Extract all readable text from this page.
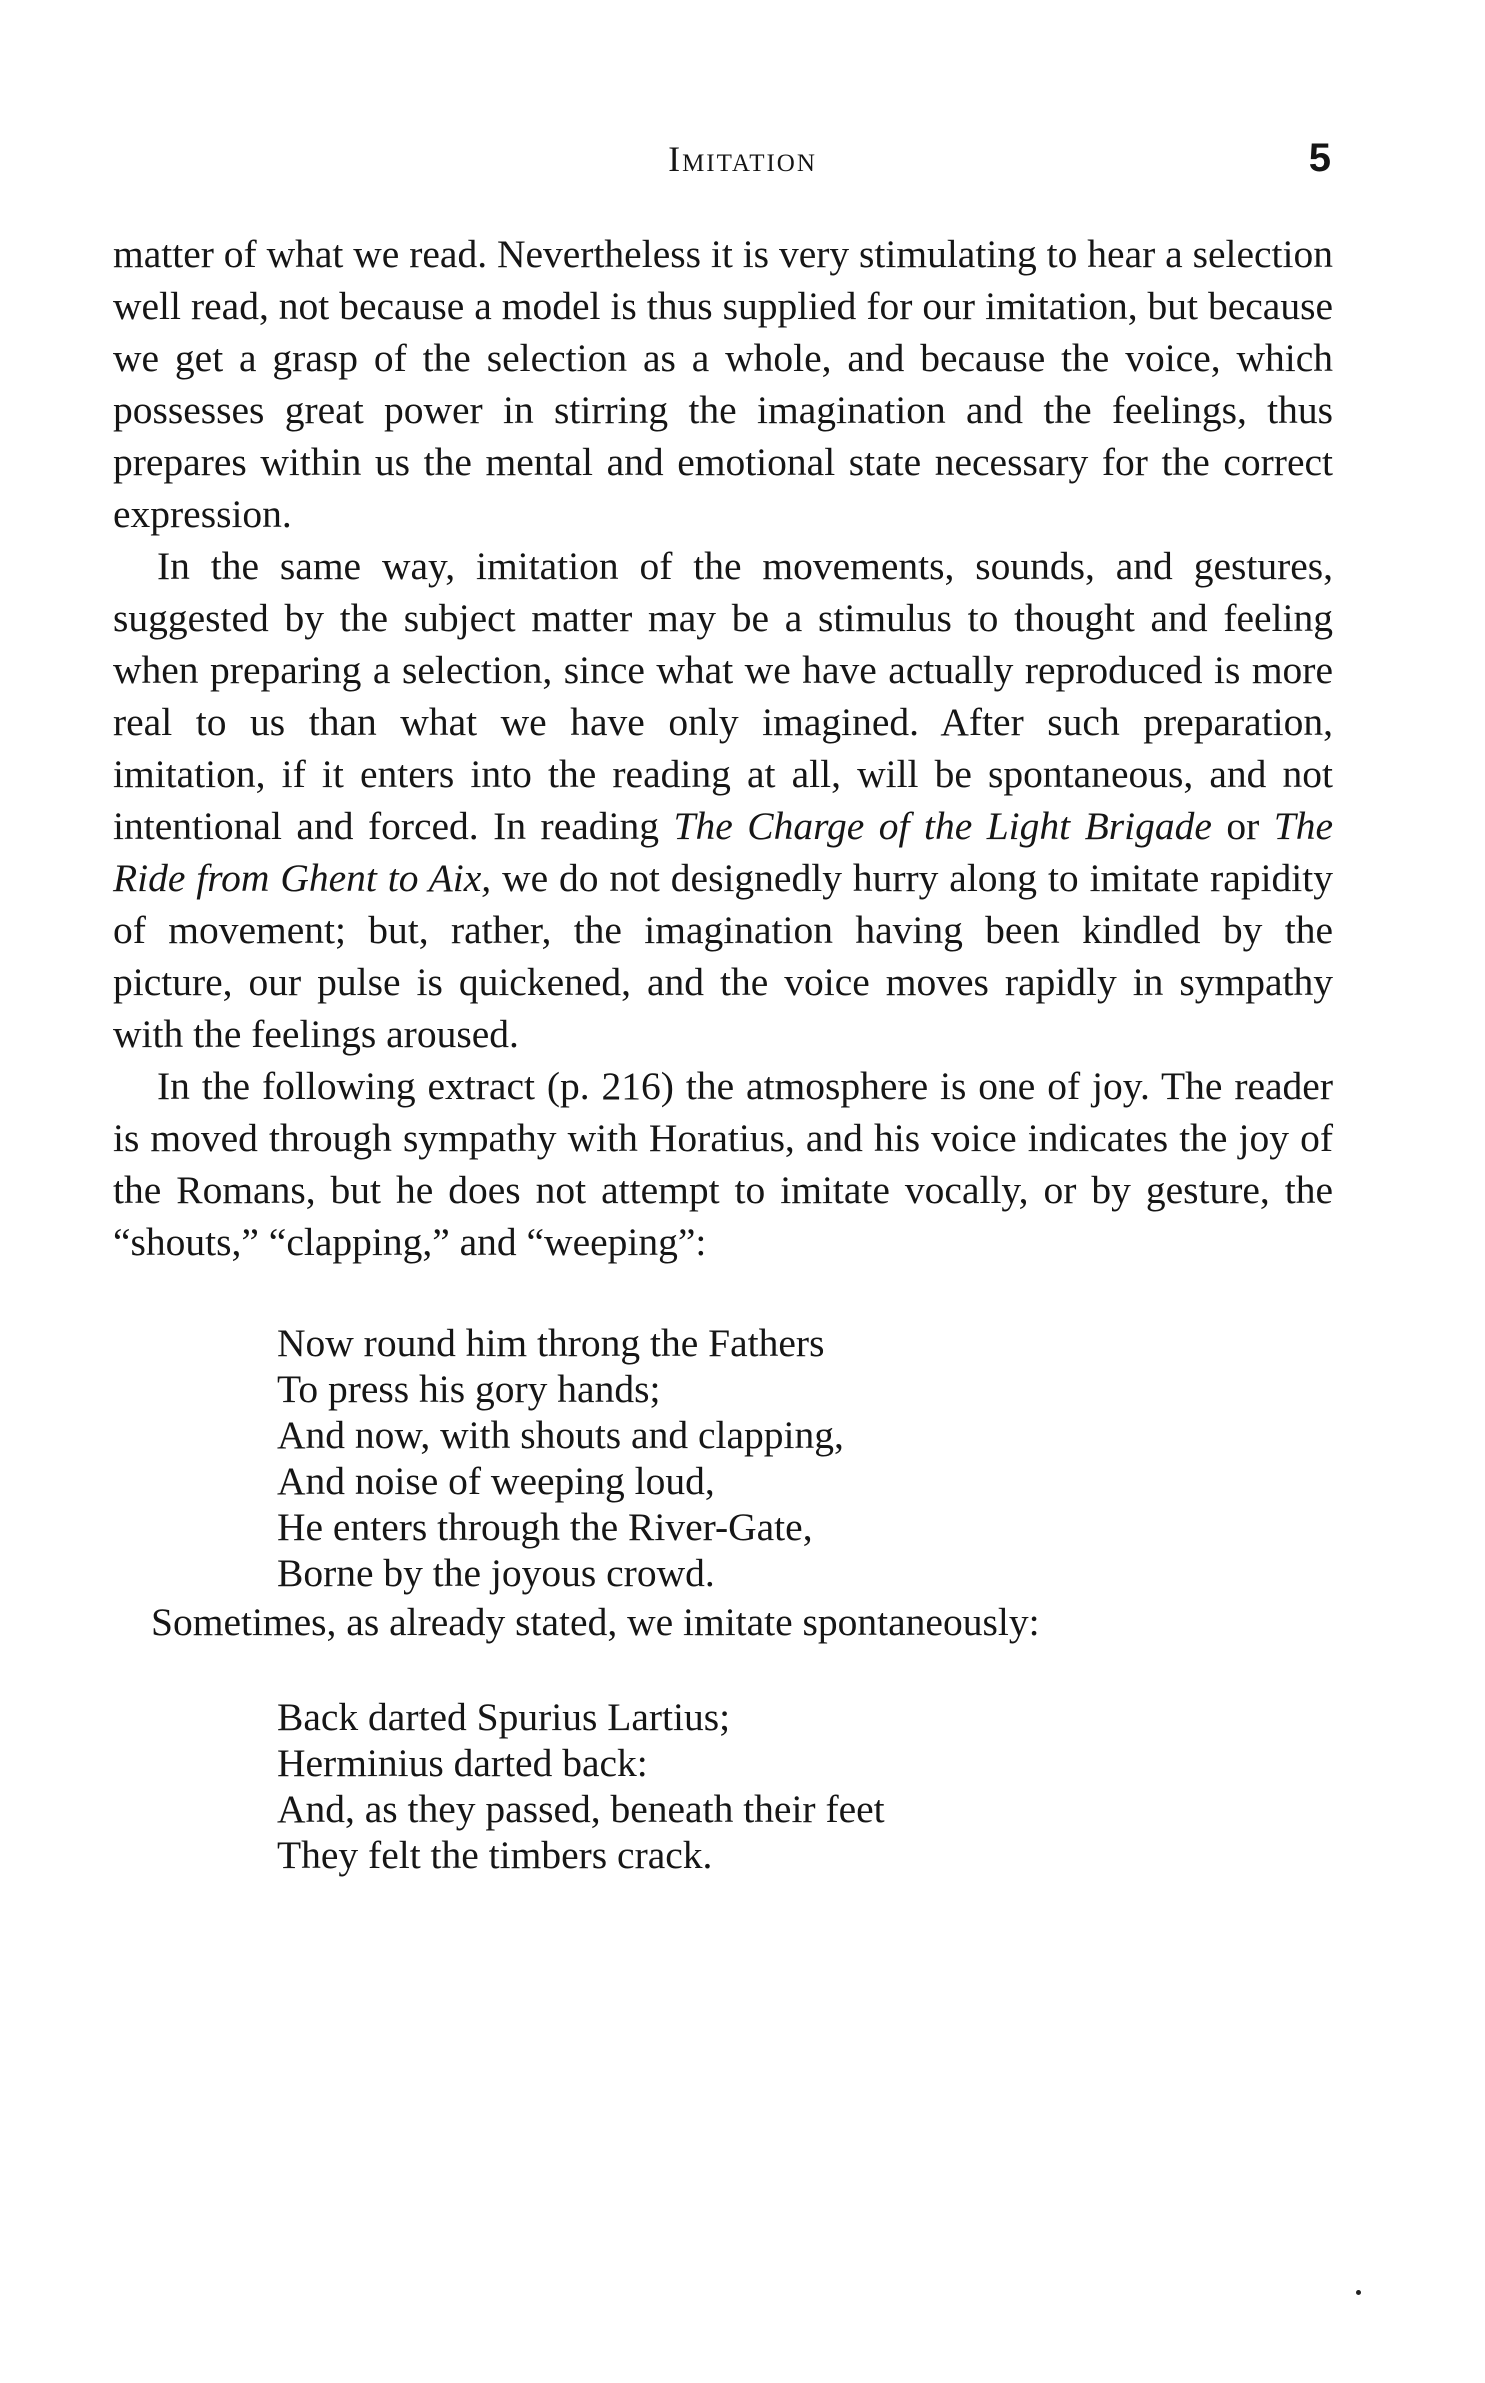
Imitation	5

matter of what we read. Nevertheless it is very stimulating to hear a selection well read, not because a model is thus supplied for our imitation, but because we get a grasp of the selection as a whole, and because the voice, which possesses great power in stirring the imagination and the feelings, thus prepares within us the mental and emotional state necessary for the correct expression.

In the same way, imitation of the movements, sounds, and gestures, suggested by the subject matter may be a stimulus to thought and feeling when preparing a selection, since what we have actually reproduced is more real to us than what we have only imagined. After such preparation, imitation, if it enters into the reading at all, will be spontaneous, and not intentional and forced. In reading The Charge of the Light Brigade or The Ride from Ghent to Aix, we do not designedly hurry along to imitate rapidity of movement; but, rather, the imagination having been kindled by the picture, our pulse is quickened, and the voice moves rapidly in sympathy with the feelings aroused.

In the following extract (p. 216) the atmosphere is one of joy. The reader is moved through sympathy with Horatius, and his voice indicates the joy of the Romans, but he does not attempt to imitate vocally, or by gesture, the “shouts,” “clapping,” and “weeping”:

Now round him throng the Fathers
To press his gory hands;
And now, with shouts and clapping,
And noise of weeping loud,
He enters through the River-Gate,
Borne by the joyous crowd.

Sometimes, as already stated, we imitate spontaneously:

Back darted Spurius Lartius;
Herminius darted back:
And, as they passed, beneath their feet
They felt the timbers crack.
